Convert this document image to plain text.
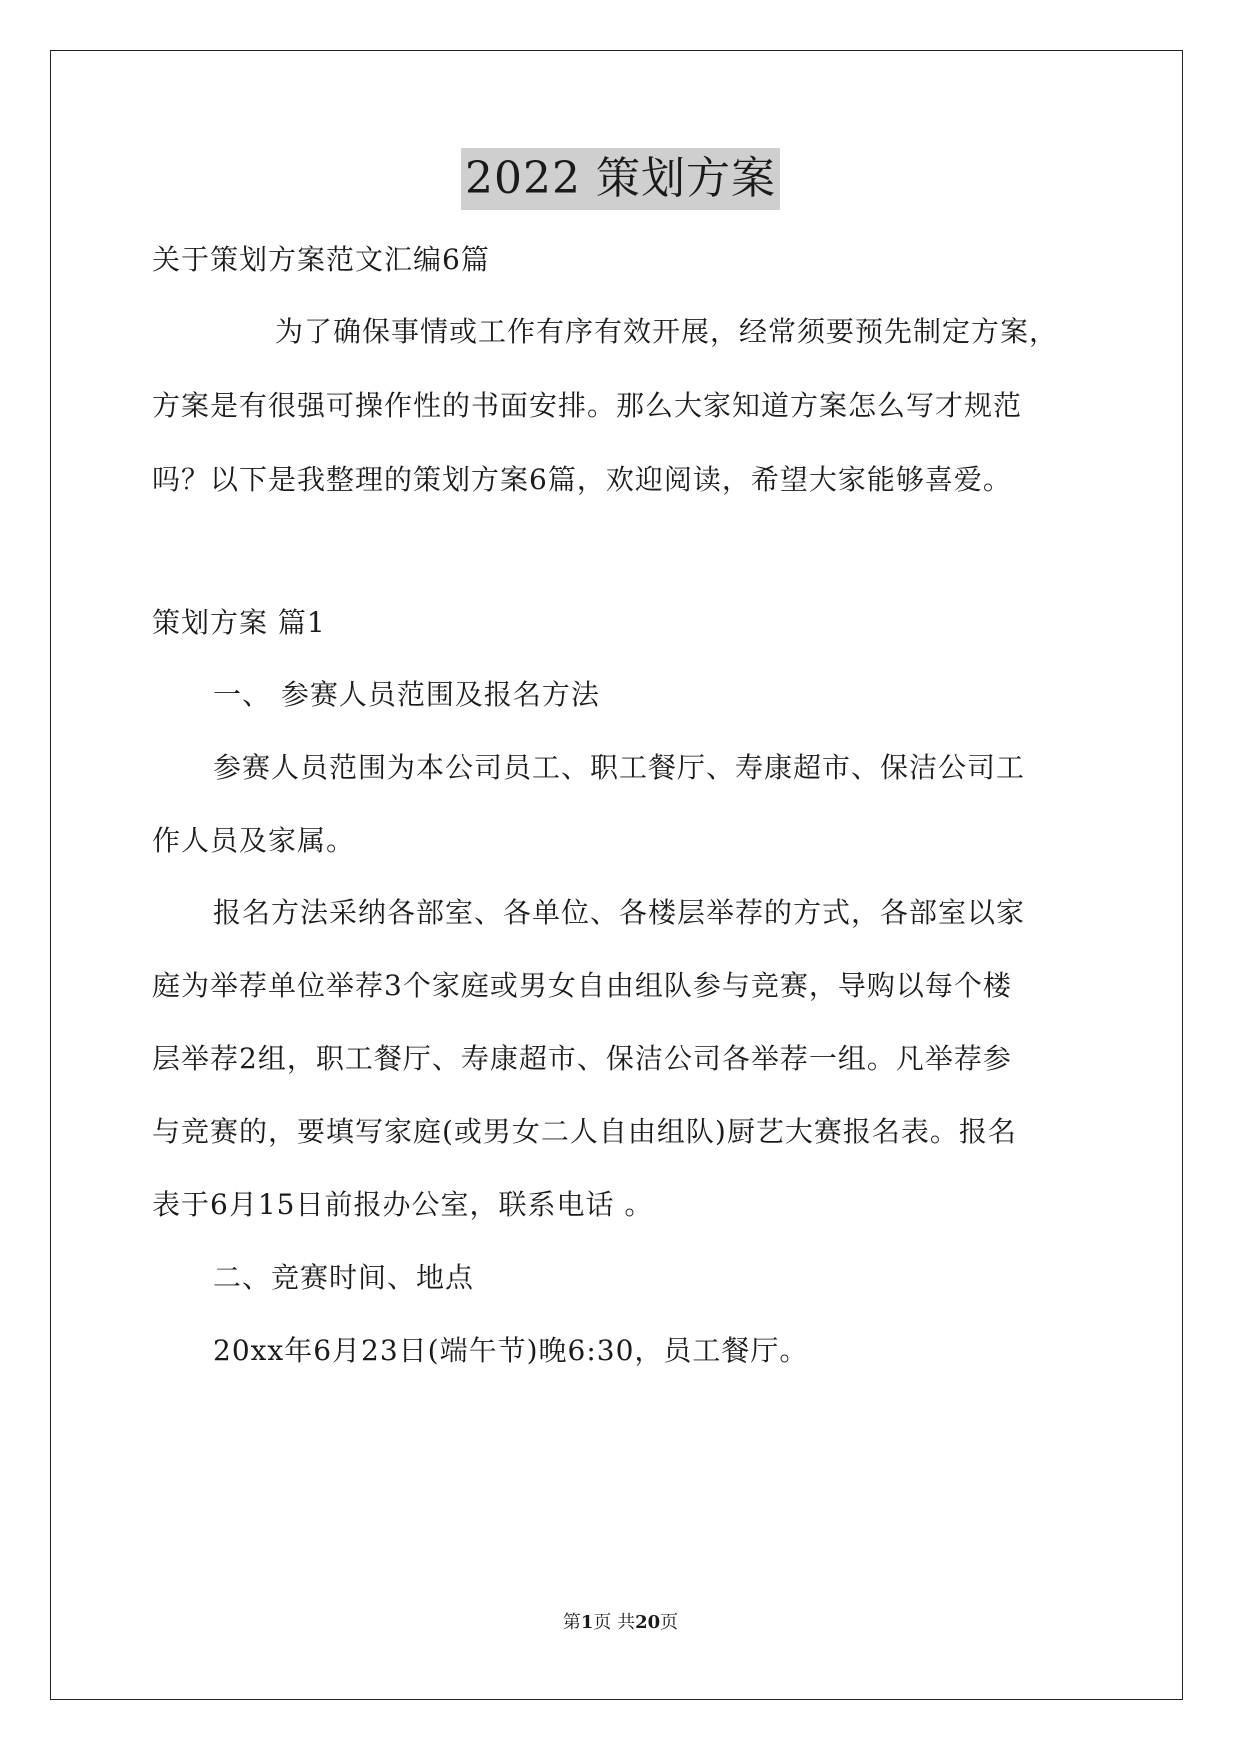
2022 策划方案
关于策划方案范文汇编6篇
为了确保事情或工作有序有效开展，经常须要预先制定方案，
方案是有很强可操作性的书面安排。那么大家知道方案怎么写才规范
吗？以下是我整理的策划方案6篇，欢迎阅读，希望大家能够喜爱。
策划方案 篇1
一、 参赛人员范围及报名方法
参赛人员范围为本公司员工、职工餐厅、寿康超市、保洁公司工
作人员及家属。
报名方法采纳各部室、各单位、各楼层举荐的方式，各部室以家
庭为举荐单位举荐3个家庭或男女自由组队参与竞赛，导购以每个楼
层举荐2组，职工餐厅、寿康超市、保洁公司各举荐一组。凡举荐参
与竞赛的，要填写家庭(或男女二人自由组队)厨艺大赛报名表。报名
表于6月15日前报办公室，联系电话 。
二、竞赛时间、地点
20xx年6月23日(端午节)晚6:30，员工餐厅。
第1页 共20页
